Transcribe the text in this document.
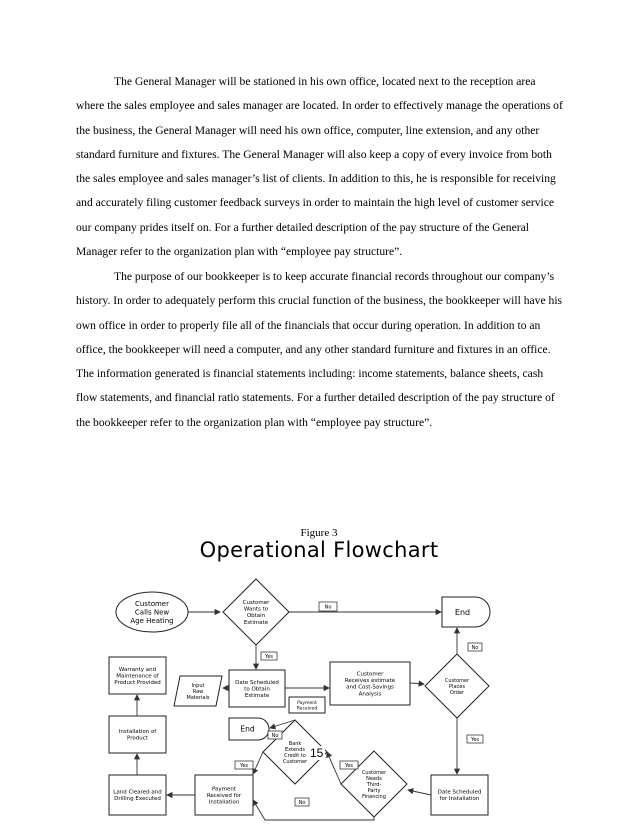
The General Manager will be stationed in his own office, located next to the reception area where the sales employee and sales manager are located. In order to effectively manage the operations of the business, the General Manager will need his own office, computer, line extension, and any other standard furniture and fixtures. The General Manager will also keep a copy of every invoice from both the sales employee and sales manager’s list of clients. In addition to this, he is responsible for receiving and accurately filing customer feedback surveys in order to maintain the high level of customer service our company prides itself on. For a further detailed description of the pay structure of the General Manager refer to the organization plan with “employee pay structure”.

The purpose of our bookkeeper is to keep accurate financial records throughout our company’s history. In order to adequately perform this crucial function of the business, the bookkeeper will have his own office in order to properly file all of the financials that occur during operation. In addition to an office, the bookkeeper will need a computer, and any other standard furniture and fixtures in an office. The information generated is financial statements including: income statements, balance sheets, cash flow statements, and financial ratio statements. For a further detailed description of the pay structure of the bookkeeper refer to the organization plan with “employee pay structure”.

Figure 3
Operational Flowchart
No
Yes
No
No
Yes
Yes	Yes
No
Customer Calls New Age Heating
Customer Wants to Obtain Estimate
End
Warranty and Maintenance of Product Provided	Input Raw Materials
Date Scheduled to Obtain Estimate
Payment Received
Customer Receives estimate and Cost-Savings Analysis
Customer Places Order
Installation of Product
End
Bank Extends Credit to Customer
Land Cleared and Drilling Executed
Payment Received for Installation
Customer Needs Third-Party Financing
Date Scheduled for Installation
15
